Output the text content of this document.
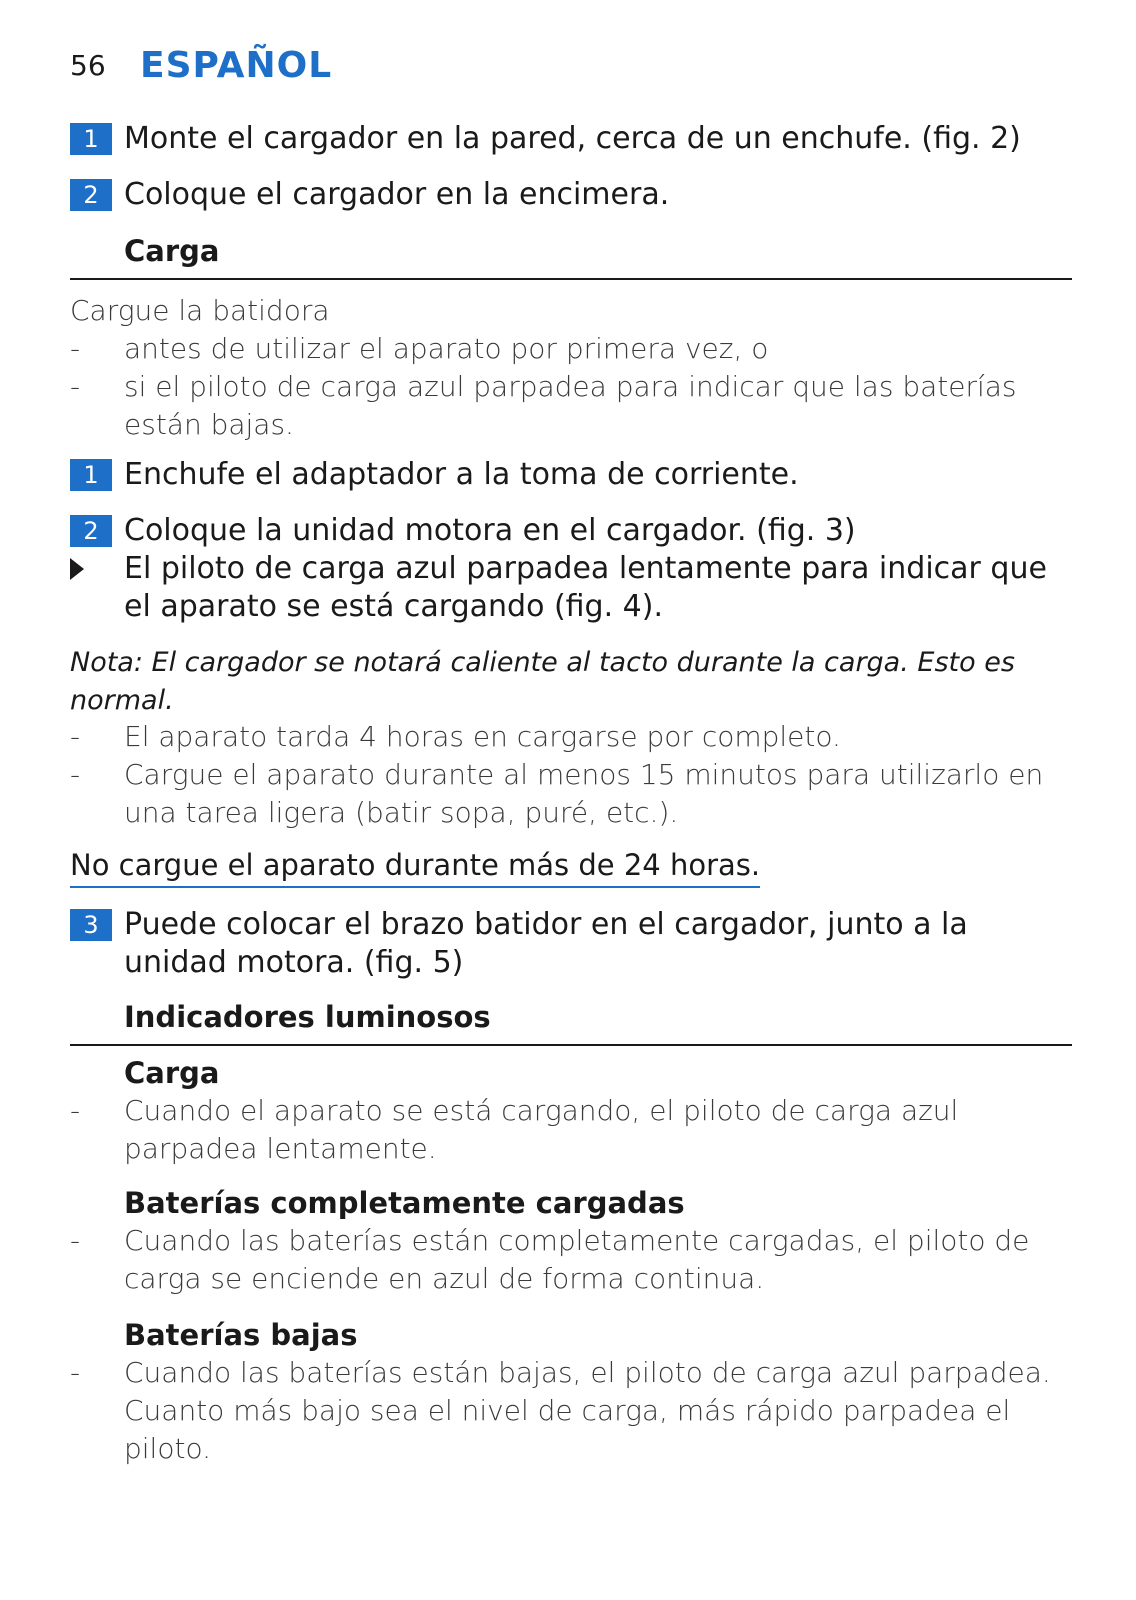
56 ESPAÑOL
1 Monte el cargador en la pared, cerca de un enchufe. (fig. 2)
2 Coloque el cargador en la encimera.
Carga
Cargue la batidora
-	antes de utilizar el aparato por primera vez, o
-	si el piloto de carga azul parpadea para indicar que las baterías están bajas.
1 Enchufe el adaptador a la toma de corriente.
2 Coloque la unidad motora en el cargador. (fig. 3)
El piloto de carga azul parpadea lentamente para indicar que el aparato se está cargando (fig. 4).
Nota: El cargador se notará caliente al tacto durante la carga. Esto es normal.
-	El aparato tarda 4 horas en cargarse por completo.
-	Cargue el aparato durante al menos 15 minutos para utilizarlo en una tarea ligera (batir sopa, puré, etc.).
No cargue el aparato durante más de 24 horas.
3 Puede colocar el brazo batidor en el cargador, junto a la unidad motora. (fig. 5)
Indicadores luminosos
Carga
-	Cuando el aparato se está cargando, el piloto de carga azul parpadea lentamente.
Baterías completamente cargadas
-	Cuando las baterías están completamente cargadas, el piloto de carga se enciende en azul de forma continua.
Baterías bajas
-	Cuando las baterías están bajas, el piloto de carga azul parpadea. Cuanto más bajo sea el nivel de carga, más rápido parpadea el piloto.
